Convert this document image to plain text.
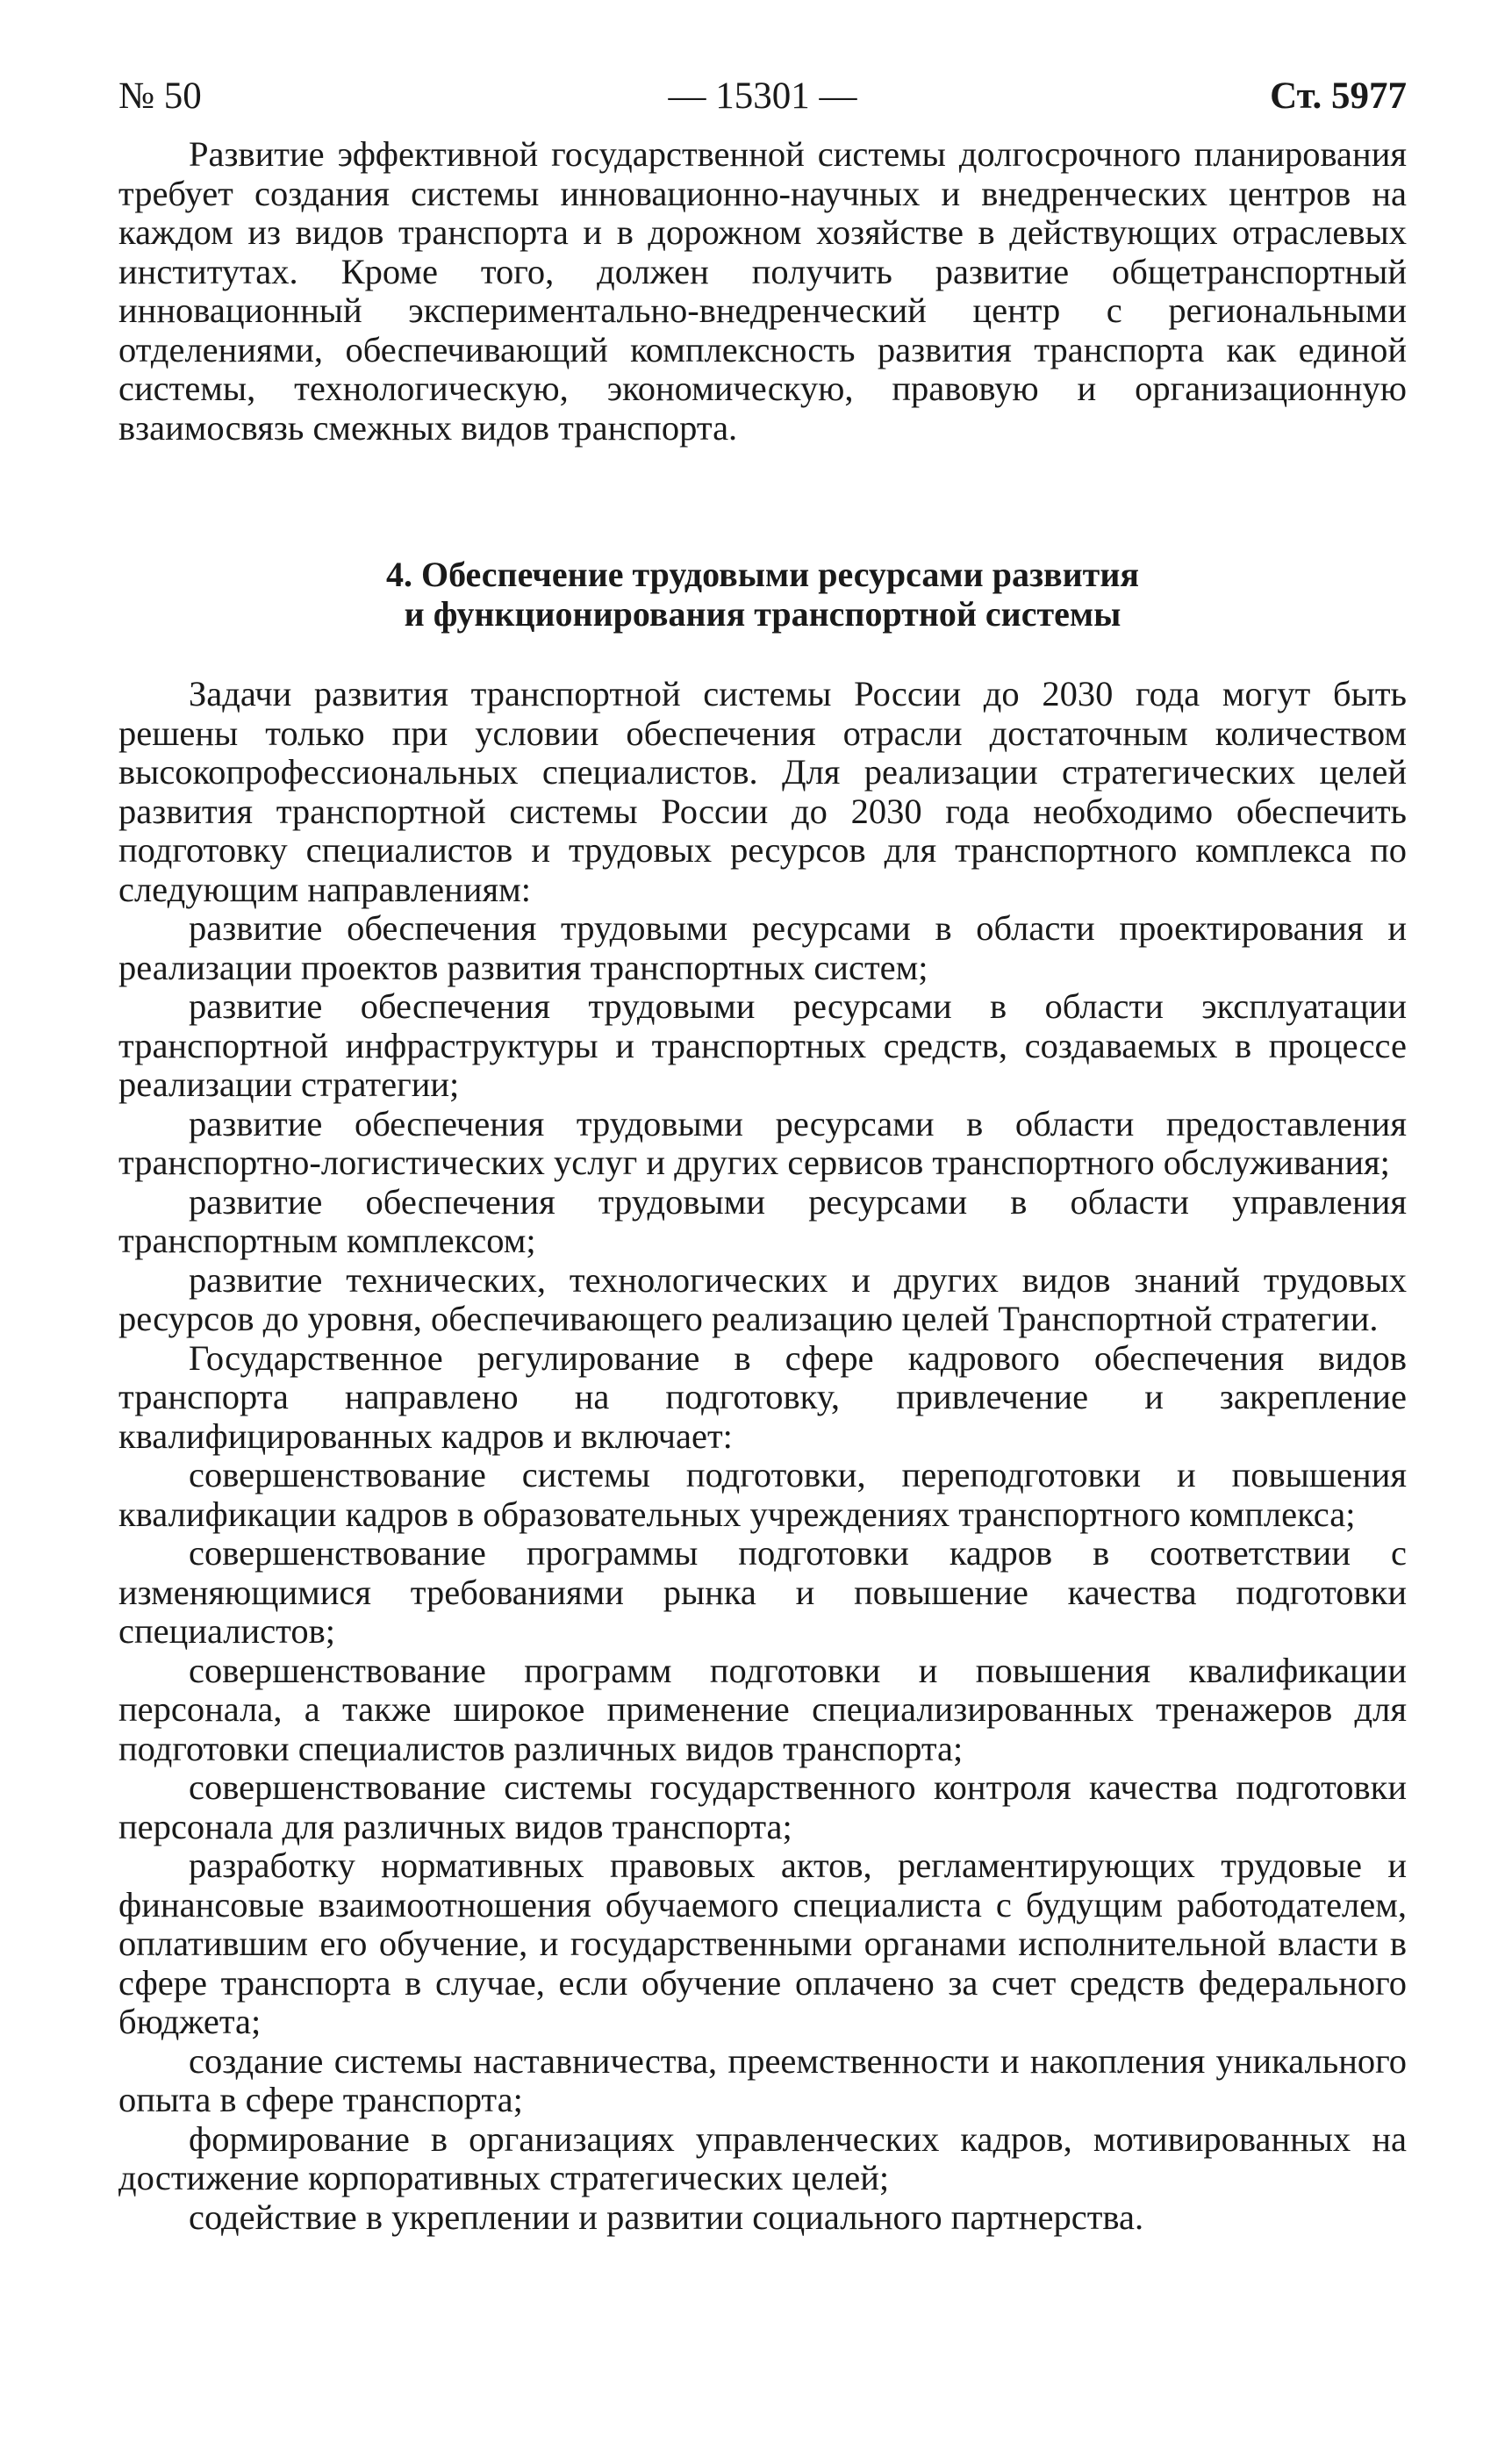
№ 50	— 15301 —	Ст. 5977

Развитие эффективной государственной системы долгосрочного планирования требует создания системы инновационно-научных и внедренческих центров на каждом из видов транспорта и в дорожном хозяйстве в действующих отраслевых институтах. Кроме того, должен получить развитие общетранспортный инновационный экспериментально-внедренческий центр с региональными отделениями, обеспечивающий комплексность развития транспорта как единой системы, технологическую, экономическую, правовую и организационную взаимосвязь смежных видов транспорта.

4. Обеспечение трудовыми ресурсами развития
и функционирования транспортной системы

Задачи развития транспортной системы России до 2030 года могут быть решены только при условии обеспечения отрасли достаточным количеством высокопрофессиональных специалистов. Для реализации стратегических целей развития транспортной системы России до 2030 года необходимо обеспечить подготовку специалистов и трудовых ресурсов для транспортного комплекса по следующим направлениям:

развитие обеспечения трудовыми ресурсами в области проектирования и реализации проектов развития транспортных систем;

развитие обеспечения трудовыми ресурсами в области эксплуатации транспортной инфраструктуры и транспортных средств, создаваемых в процессе реализации стратегии;

развитие обеспечения трудовыми ресурсами в области предоставления транспортно-логистических услуг и других сервисов транспортного обслуживания;

развитие обеспечения трудовыми ресурсами в области управления транспортным комплексом;

развитие технических, технологических и других видов знаний трудовых ресурсов до уровня, обеспечивающего реализацию целей Транспортной стратегии.

Государственное регулирование в сфере кадрового обеспечения видов транспорта направлено на подготовку, привлечение и закрепление квалифицированных кадров и включает:

совершенствование системы подготовки, переподготовки и повышения квалификации кадров в образовательных учреждениях транспортного комплекса;

совершенствование программы подготовки кадров в соответствии с изменяющимися требованиями рынка и повышение качества подготовки специалистов;

совершенствование программ подготовки и повышения квалификации персонала, а также широкое применение специализированных тренажеров для подготовки специалистов различных видов транспорта;

совершенствование системы государственного контроля качества подготовки персонала для различных видов транспорта;

разработку нормативных правовых актов, регламентирующих трудовые и финансовые взаимоотношения обучаемого специалиста с будущим работодателем, оплатившим его обучение, и государственными органами исполнительной власти в сфере транспорта в случае, если обучение оплачено за счет средств федерального бюджета;

создание системы наставничества, преемственности и накопления уникального опыта в сфере транспорта;

формирование в организациях управленческих кадров, мотивированных на достижение корпоративных стратегических целей;

содействие в укреплении и развитии социального партнерства.
